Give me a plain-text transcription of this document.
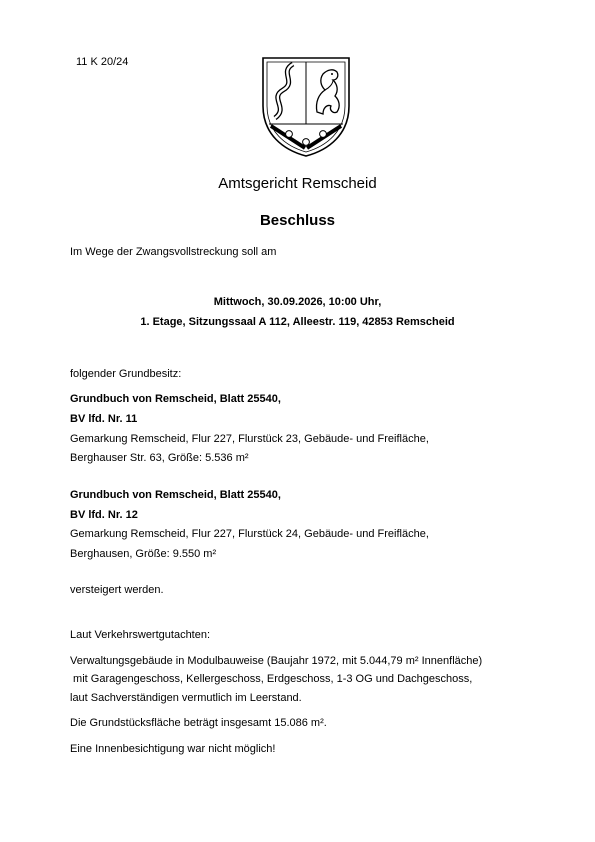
11 K 20/24
Amtsgericht Remscheid
Beschluss
Im Wege der Zwangsvollstreckung soll am
Mittwoch, 30.09.2026, 10:00 Uhr,
1. Etage, Sitzungssaal A 112, Alleestr. 119, 42853 Remscheid
folgender Grundbesitz:
Grundbuch von Remscheid, Blatt 25540,
BV lfd. Nr. 11
Gemarkung Remscheid, Flur 227, Flurstück 23, Gebäude- und Freifläche,
Berghauser Str. 63, Größe: 5.536 m²
Grundbuch von Remscheid, Blatt 25540,
BV lfd. Nr. 12
Gemarkung Remscheid, Flur 227, Flurstück 24, Gebäude- und Freifläche,
Berghausen, Größe: 9.550 m²
versteigert werden.
Laut Verkehrswertgutachten:
Verwaltungsgebäude in Modulbauweise (Baujahr 1972, mit 5.044,79 m² Innenfläche)
mit Garagengeschoss, Kellergeschoss, Erdgeschoss, 1-3 OG und Dachgeschoss,
laut Sachverständigen vermutlich im Leerstand.
Die Grundstücksfläche beträgt insgesamt 15.086 m².
Eine Innenbesichtigung war nicht möglich!
